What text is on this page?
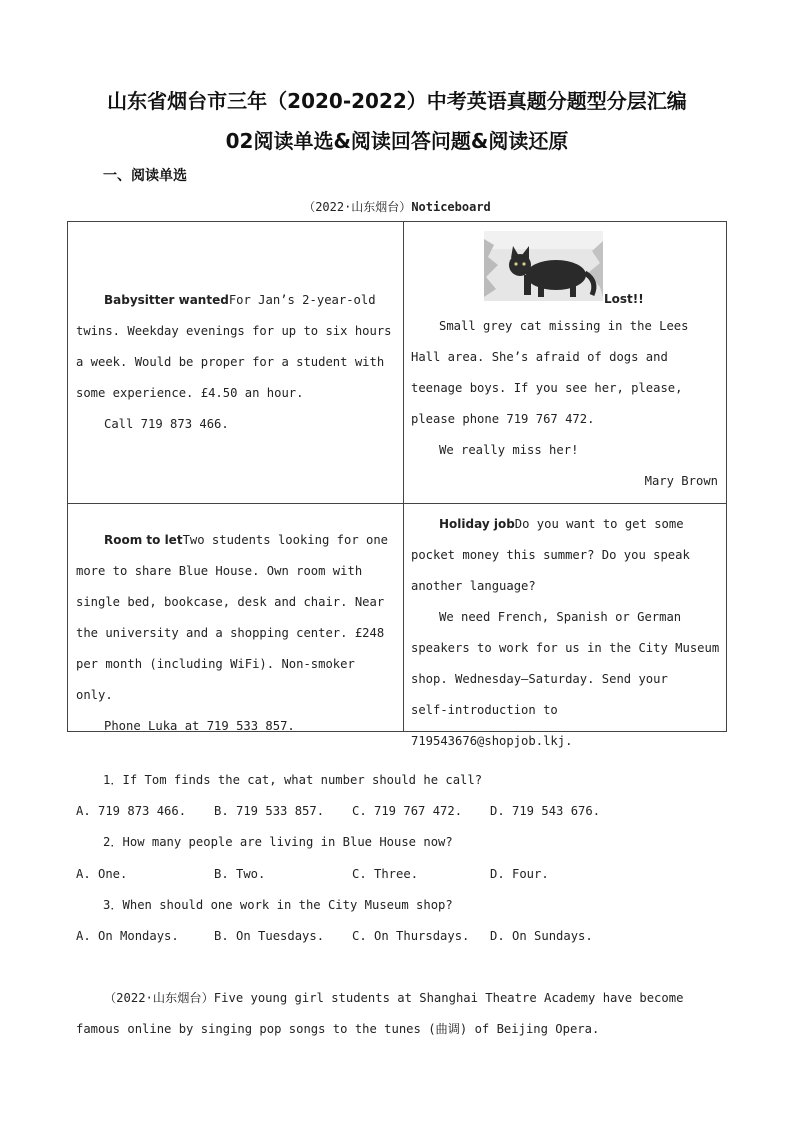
山东省烟台市三年（2020-2022）中考英语真题分题型分层汇编
02阅读单选&阅读回答问题&阅读还原
一、阅读单选
（2022·山东烟台）Noticeboard

Babysitter wantedFor Jan’s 2-year-old twins. Weekday evenings for up to six hours a week. Would be proper for a student with some experience. £4.50 an hour.

Call 719 873 466.

Lost!!

Small grey cat missing in the Lees Hall area. She’s afraid of dogs and teenage boys. If you see her, please, please phone 719 767 472.

We really miss her!

Mary Brown

Room to letTwo students looking for one more to share Blue House. Own room with single bed, bookcase, desk and chair. Near the university and a shopping center. £248 per month (including WiFi). Non-smoker only.

Phone Luka at 719 533 857.

Holiday jobDo you want to get some pocket money this summer? Do you speak another language?

We need French, Spanish or German speakers to work for us in the City Museum shop. Wednesday—Saturday. Send your

self-introduction to 719543676@shopjob.lkj.

1．If Tom finds the cat, what number should he call?
A. 719 873 466. B. 719 533 857. C. 719 767 472. D. 719 543 676.
2．How many people are living in Blue House now?
A. One.	B. Two.	C. Three.	D. Four.
3．When should one work in the City Museum shop?
A. On Mondays.	B. On Tuesdays. C. On Thursdays. D. On Sundays.
（2022·山东烟台）Five young girl students at Shanghai Theatre Academy have become famous online by singing pop songs to the tunes (曲调) of Beijing Opera.
